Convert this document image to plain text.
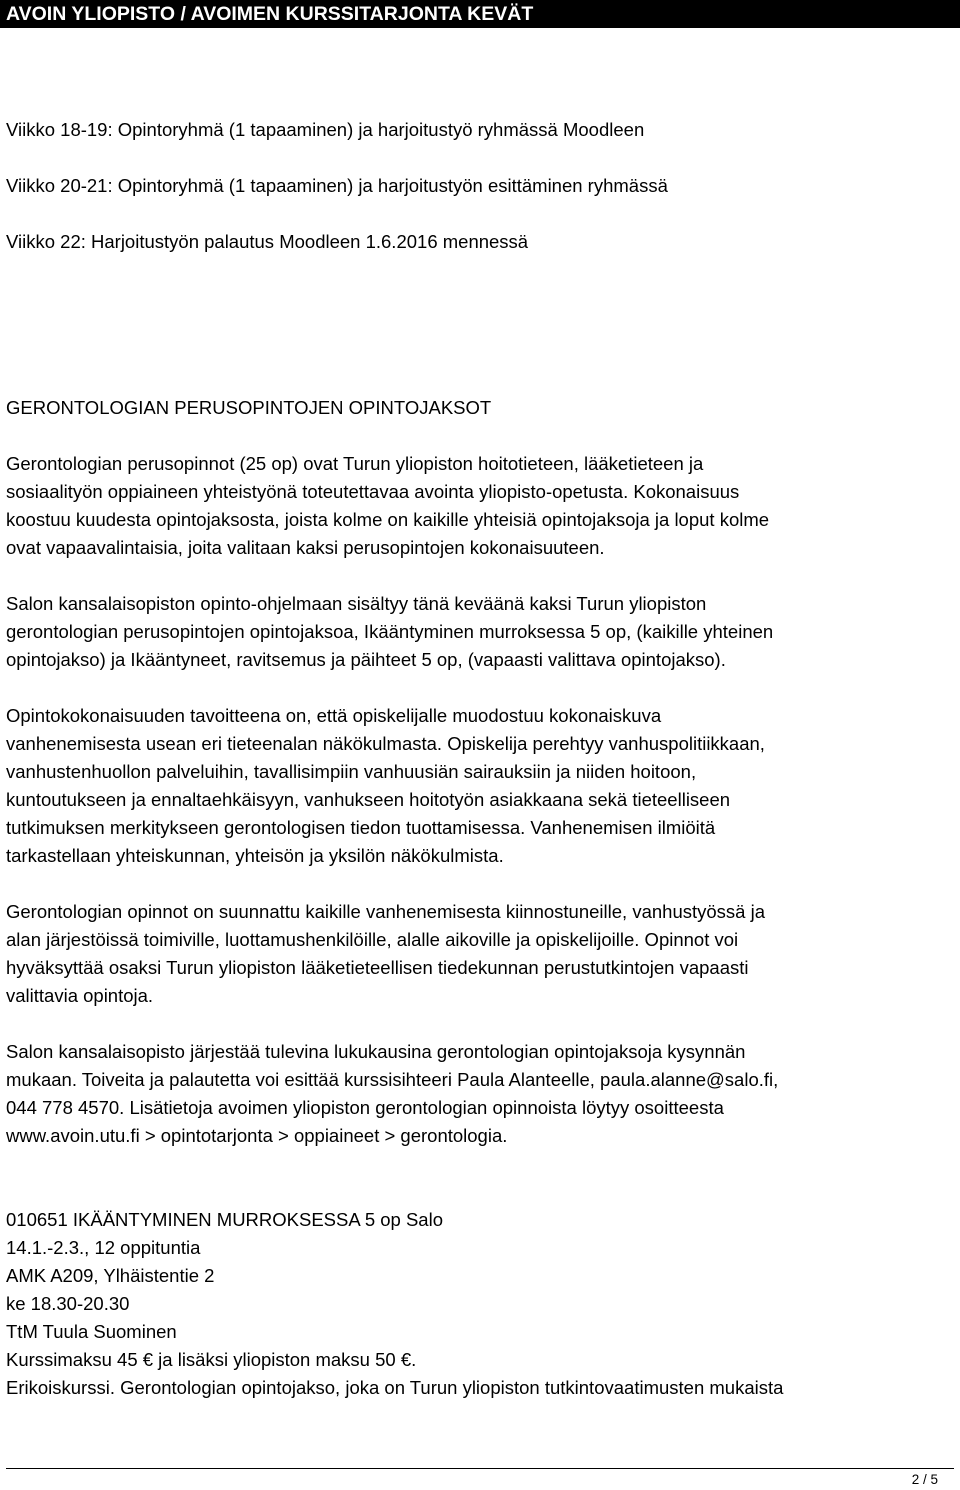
AVOIN YLIOPISTO / AVOIMEN KURSSITARJONTA KEVÄT
Viikko 18-19: Opintoryhmä (1 tapaaminen) ja harjoitustyö ryhmässä Moodleen
Viikko 20-21: Opintoryhmä (1 tapaaminen) ja harjoitustyön esittäminen ryhmässä
Viikko 22: Harjoitustyön palautus Moodleen 1.6.2016 mennessä
GERONTOLOGIAN PERUSOPINTOJEN OPINTOJAKSOT
Gerontologian perusopinnot (25 op) ovat Turun yliopiston hoitotieteen, lääketieteen ja
sosiaalityön oppiaineen yhteistyönä toteutettavaa avointa yliopisto-opetusta. Kokonaisuus
koostuu kuudesta opintojaksosta, joista kolme on kaikille yhteisiä opintojaksoja ja loput kolme
ovat vapaavalintaisia, joita valitaan kaksi perusopintojen kokonaisuuteen.
Salon kansalaisopiston opinto-ohjelmaan sisältyy tänä keväänä kaksi Turun yliopiston
gerontologian perusopintojen opintojaksoa, Ikääntyminen murroksessa 5 op, (kaikille yhteinen
opintojakso) ja Ikääntyneet, ravitsemus ja päihteet 5 op, (vapaasti valittava opintojakso).
Opintokokonaisuuden tavoitteena on, että opiskelijalle muodostuu kokonaiskuva
vanhenemisesta usean eri tieteenalan näkökulmasta. Opiskelija perehtyy vanhuspolitiikkaan,
vanhustenhuollon palveluihin, tavallisimpiin vanhuusiän sairauksiin ja niiden hoitoon,
kuntoutukseen ja ennaltaehkäisyyn, vanhukseen hoitotyön asiakkaana sekä tieteelliseen
tutkimuksen merkitykseen gerontologisen tiedon tuottamisessa. Vanhenemisen ilmiöitä
tarkastellaan yhteiskunnan, yhteisön ja yksilön näkökulmista.
Gerontologian opinnot on suunnattu kaikille vanhenemisesta kiinnostuneille, vanhustyössä ja
alan järjestöissä toimiville, luottamushenkilöille, alalle aikoville ja opiskelijoille. Opinnot voi
hyväksyttää osaksi Turun yliopiston lääketieteellisen tiedekunnan perustutkintojen vapaasti
valittavia opintoja.
Salon kansalaisopisto järjestää tulevina lukukausina gerontologian opintojaksoja kysynnän
mukaan. Toiveita ja palautetta voi esittää kurssisihteeri Paula Alanteelle, paula.alanne@salo.fi,
044 778 4570. Lisätietoja avoimen yliopiston gerontologian opinnoista löytyy osoitteesta
www.avoin.utu.fi > opintotarjonta > oppiaineet > gerontologia.
010651 IKÄÄNTYMINEN MURROKSESSA 5 op Salo
14.1.-2.3., 12 oppituntia
AMK A209, Ylhäistentie 2
ke 18.30-20.30
TtM Tuula Suominen
Kurssimaksu 45 € ja lisäksi yliopiston maksu 50 €.
Erikoiskurssi. Gerontologian opintojakso, joka on Turun yliopiston tutkintovaatimusten mukaista
2 / 5
